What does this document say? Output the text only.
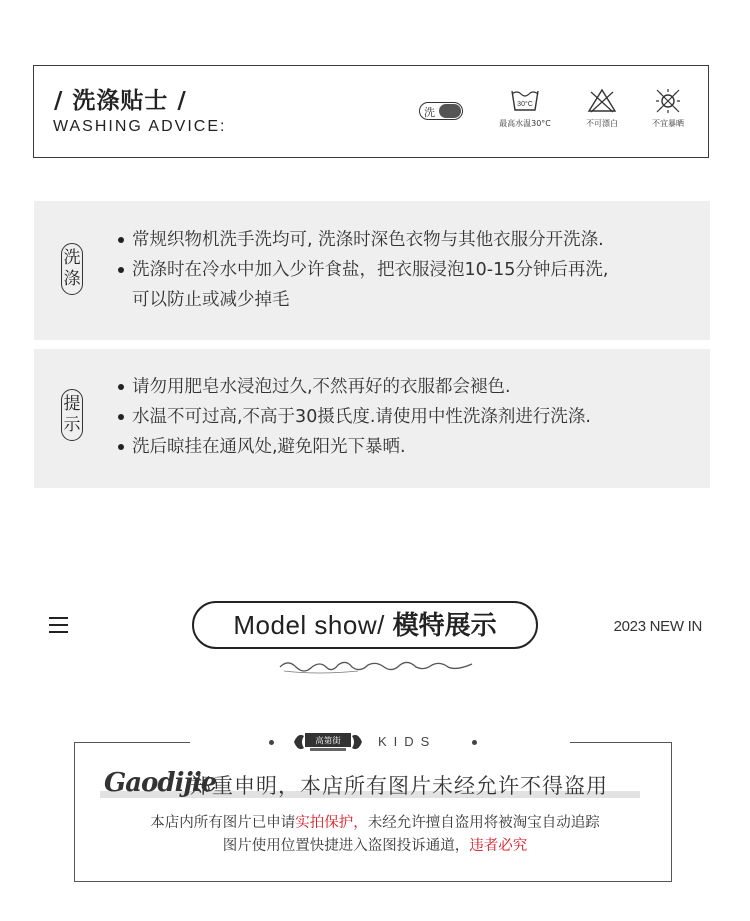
/ 洗涤贴士 /
WASHING ADVICE:
洗
30°C
最高水温30°C	不可漂白	不宜暴晒
洗
涤
常规织物机洗手洗均可, 洗涤时深色衣物与其他衣服分开洗涤.
洗涤时在冷水中加入少许食盐，把衣服浸泡10-15分钟后再洗,
可以防止或减少掉毛
提
示
请勿用肥皂水浸泡过久,不然再好的衣服都会褪色.
水温不可过高,不高于30摄氏度.请使用中性洗涤剂进行洗涤.
洗后晾挂在通风处,避免阳光下暴晒.
Model show/ 模特展示	2023 NEW IN
高第街	KIDS
Gaodijie
郑重申明，本店所有图片未经允许不得盗用
本店内所有图片已申请实拍保护，未经允许擅自盗用将被淘宝自动追踪
图片使用位置快捷进入盗图投诉通道，违者必究
